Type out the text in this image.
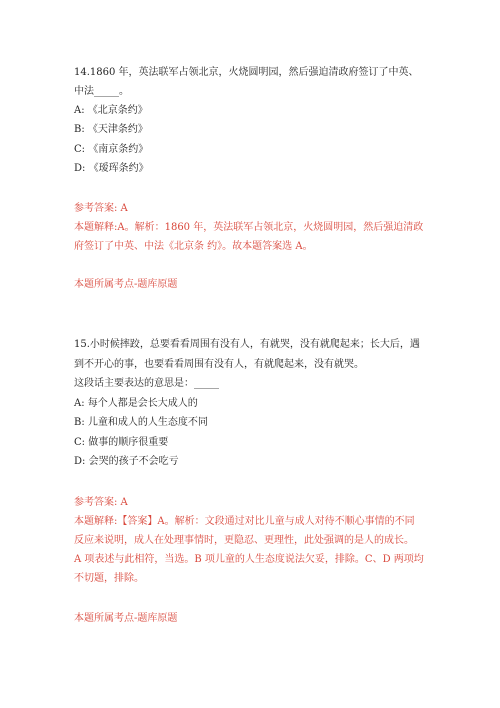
14.1860 年，英法联军占领北京，火烧圆明园，然后强迫清政府签订了中英、
中法_____。
A: 《北京条约》
B: 《天津条约》
C: 《南京条约》
D: 《瑷珲条约》
参考答案: A
本题解释:A。解析：1860 年，英法联军占领北京，火烧圆明园，然后强迫清政
府签订了中英、中法《北京条 约》。故本题答案选 A。
本题所属考点-题库原题
15.小时候摔跤，总要看看周围有没有人，有就哭，没有就爬起来；长大后，遇
到不开心的事，也要看看周围有没有人，有就爬起来，没有就哭。
这段话主要表达的意思是：_____
A: 每个人都是会长大成人的
B: 儿童和成人的人生态度不同
C: 做事的顺序很重要
D: 会哭的孩子不会吃亏
参考答案: A
本题解释:【答案】A。解析：文段通过对比儿童与成人对待不顺心事情的不同
反应来说明，成人在处理事情时，更隐忍、更理性，此处强调的是人的成长。
A 项表述与此相符，当选。B 项儿童的人生态度说法欠妥，排除。C、D 两项均
不切题，排除。
本题所属考点-题库原题
